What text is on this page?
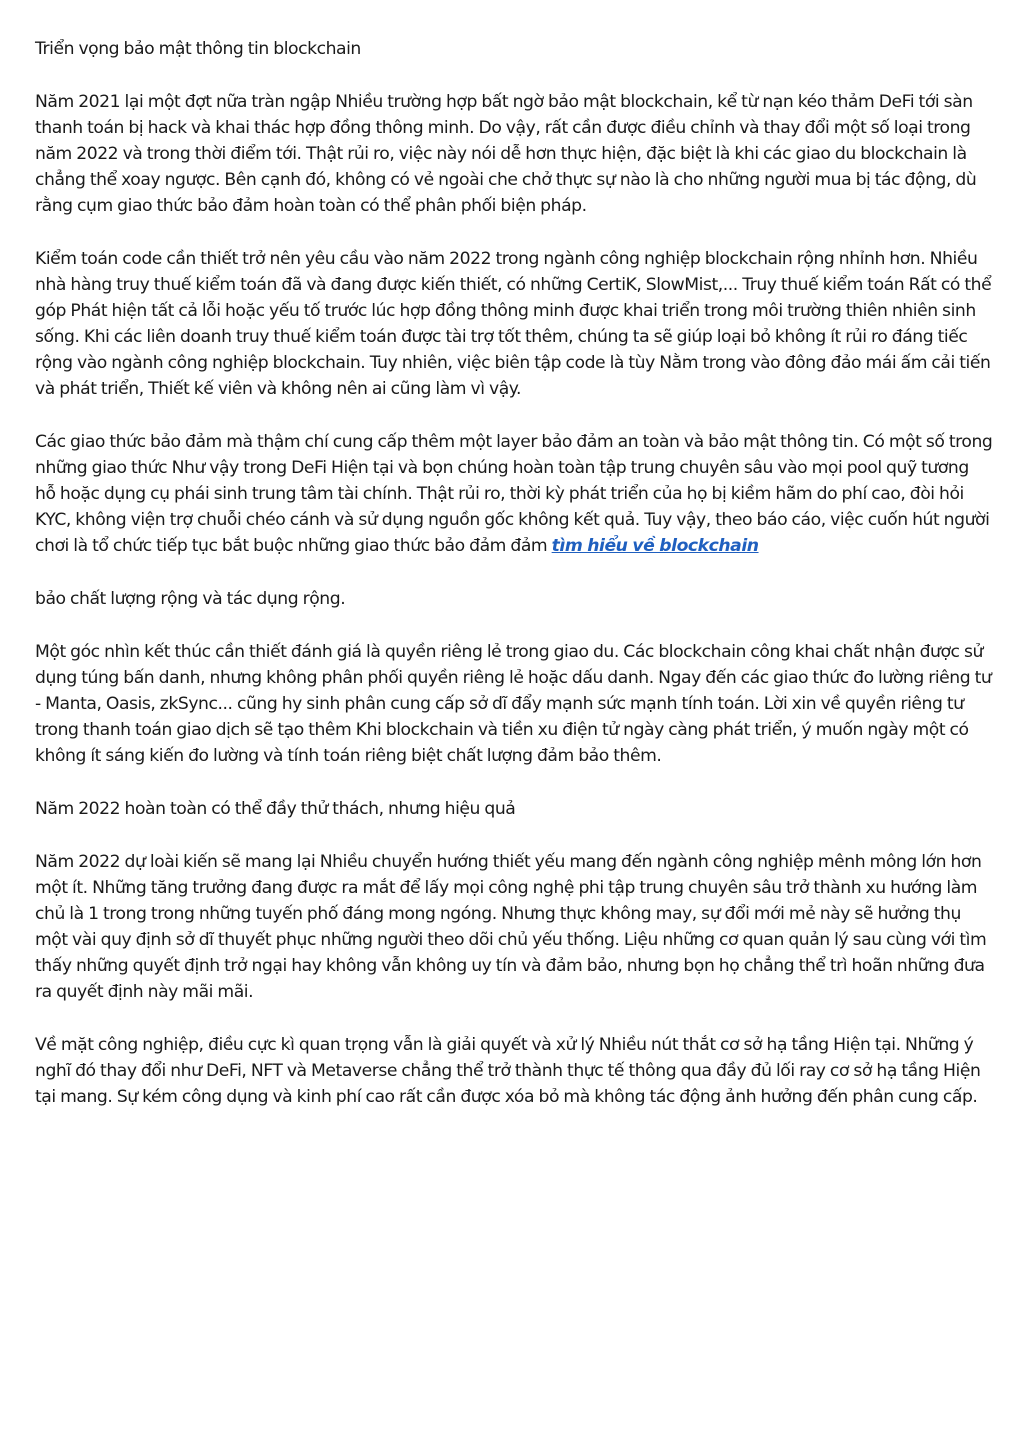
Triển vọng bảo mật thông tin blockchain

Năm 2021 lại một đợt nữa tràn ngập Nhiều trường hợp bất ngờ bảo mật blockchain, kể từ nạn kéo thảm DeFi tới sàn thanh toán bị hack và khai thác hợp đồng thông minh. Do vậy, rất cần được điều chỉnh và thay đổi một số loại trong năm 2022 và trong thời điểm tới. Thật rủi ro, việc này nói dễ hơn thực hiện, đặc biệt là khi các giao du blockchain là chẳng thể xoay ngược. Bên cạnh đó, không có vẻ ngoài che chở thực sự nào là cho những người mua bị tác động, dù rằng cụm giao thức bảo đảm hoàn toàn có thể phân phối biện pháp.

Kiểm toán code cần thiết trở nên yêu cầu vào năm 2022 trong ngành công nghiệp blockchain rộng nhỉnh hơn. Nhiều nhà hàng truy thuế kiểm toán đã và đang được kiến thiết, có những CertiK, SlowMist,... Truy thuế kiểm toán Rất có thể góp Phát hiện tất cả lỗi hoặc yếu tố trước lúc hợp đồng thông minh được khai triển trong môi trường thiên nhiên sinh sống. Khi các liên doanh truy thuế kiểm toán được tài trợ tốt thêm, chúng ta sẽ giúp loại bỏ không ít rủi ro đáng tiếc rộng vào ngành công nghiệp blockchain. Tuy nhiên, việc biên tập code là tùy Nằm trong vào đông đảo mái ấm cải tiến và phát triển, Thiết kế viên và không nên ai cũng làm vì vậy.

Các giao thức bảo đảm mà thậm chí cung cấp thêm một layer bảo đảm an toàn và bảo mật thông tin. Có một số trong những giao thức Như vậy trong DeFi Hiện tại và bọn chúng hoàn toàn tập trung chuyên sâu vào mọi pool quỹ tương hỗ hoặc dụng cụ phái sinh trung tâm tài chính. Thật rủi ro, thời kỳ phát triển của họ bị kiềm hãm do phí cao, đòi hỏi KYC, không viện trợ chuỗi chéo cánh và sử dụng nguồn gốc không kết quả. Tuy vậy, theo báo cáo, việc cuốn hút người chơi là tổ chức tiếp tục bắt buộc những giao thức bảo đảm đảm tìm hiểu về blockchain

bảo chất lượng rộng và tác dụng rộng.

Một góc nhìn kết thúc cần thiết đánh giá là quyền riêng lẻ trong giao du. Các blockchain công khai chất nhận được sử dụng túng bấn danh, nhưng không phân phối quyền riêng lẻ hoặc dấu danh. Ngay đến các giao thức đo lường riêng tư - Manta, Oasis, zkSync... cũng hy sinh phân cung cấp sở dĩ đẩy mạnh sức mạnh tính toán. Lời xin về quyền riêng tư trong thanh toán giao dịch sẽ tạo thêm Khi blockchain và tiền xu điện tử ngày càng phát triển, ý muốn ngày một có không ít sáng kiến đo lường và tính toán riêng biệt chất lượng đảm bảo thêm.

Năm 2022 hoàn toàn có thể đầy thử thách, nhưng hiệu quả

Năm 2022 dự loài kiến sẽ mang lại Nhiều chuyển hướng thiết yếu mang đến ngành công nghiệp mênh mông lớn hơn một ít. Những tăng trưởng đang được ra mắt để lấy mọi công nghệ phi tập trung chuyên sâu trở thành xu hướng làm chủ là 1 trong trong những tuyến phố đáng mong ngóng. Nhưng thực không may, sự đổi mới mẻ này sẽ hưởng thụ một vài quy định sở dĩ thuyết phục những người theo dõi chủ yếu thống. Liệu những cơ quan quản lý sau cùng với tìm thấy những quyết định trở ngại hay không vẫn không uy tín và đảm bảo, nhưng bọn họ chẳng thể trì hoãn những đưa ra quyết định này mãi mãi.

Về mặt công nghiệp, điều cực kì quan trọng vẫn là giải quyết và xử lý Nhiều nút thắt cơ sở hạ tầng Hiện tại. Những ý nghĩ đó thay đổi như DeFi, NFT và Metaverse chẳng thể trở thành thực tế thông qua đầy đủ lối ray cơ sở hạ tầng Hiện tại mang. Sự kém công dụng và kinh phí cao rất cần được xóa bỏ mà không tác động ảnh hưởng đến phân cung cấp.
